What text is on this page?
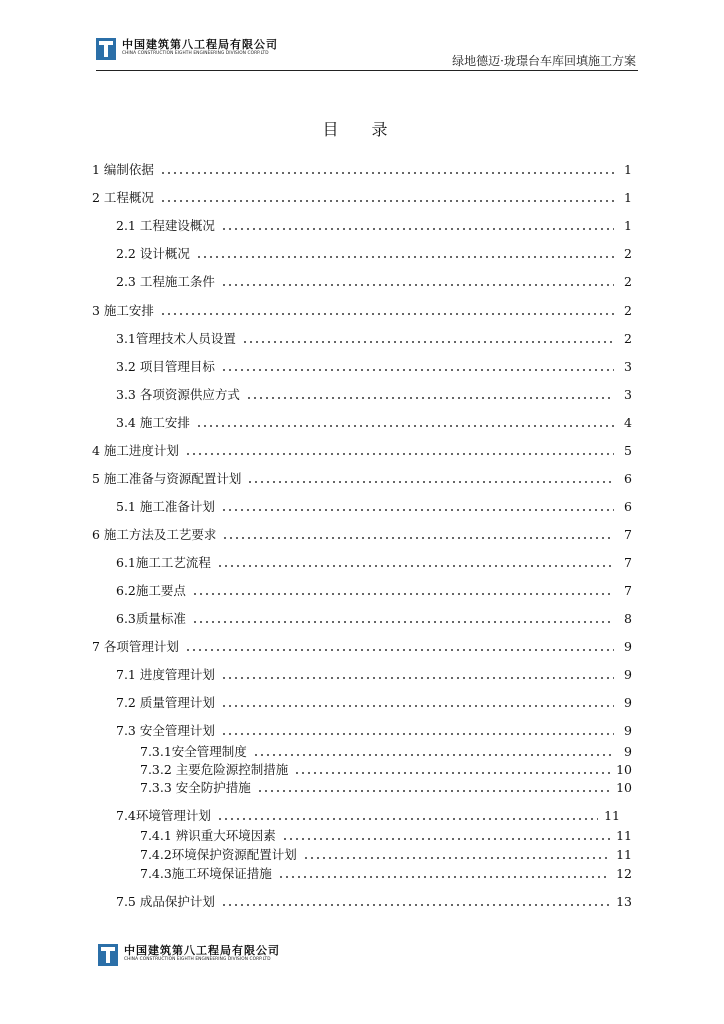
中国建筑第八工程局有限公司
CHINA CONSTRUCTION EIGHTH ENGINEERING DIVISION CORP.LTD
绿地德迈·珑璟台车库回填施工方案
目 录
1 编制依据	1
2 工程概况	1
2.1 工程建设概况	1
2.2 设计概况	2
2.3 工程施工条件	2
3 施工安排	2
3.1管理技术人员设置	2
3.2 项目管理目标	3
3.3 各项资源供应方式	3
3.4 施工安排	4
4 施工进度计划	5
5 施工准备与资源配置计划	6
5.1 施工准备计划	6
6 施工方法及工艺要求	7
6.1施工工艺流程	7
6.2施工要点	7
6.3质量标准	8
7 各项管理计划	9
7.1 进度管理计划	9
7.2 质量管理计划	9
7.3 安全管理计划	9
7.3.1安全管理制度	9
7.3.2 主要危险源控制措施	10
7.3.3 安全防护措施	10
7.4环境管理计划	11
7.4.1 辨识重大环境因素	11
7.4.2环境保护资源配置计划	11
7.4.3施工环境保证措施	12
7.5 成品保护计划	13
中国建筑第八工程局有限公司
CHINA CONSTRUCTION EIGHTH ENGINEERING DIVISION CORP.LTD
